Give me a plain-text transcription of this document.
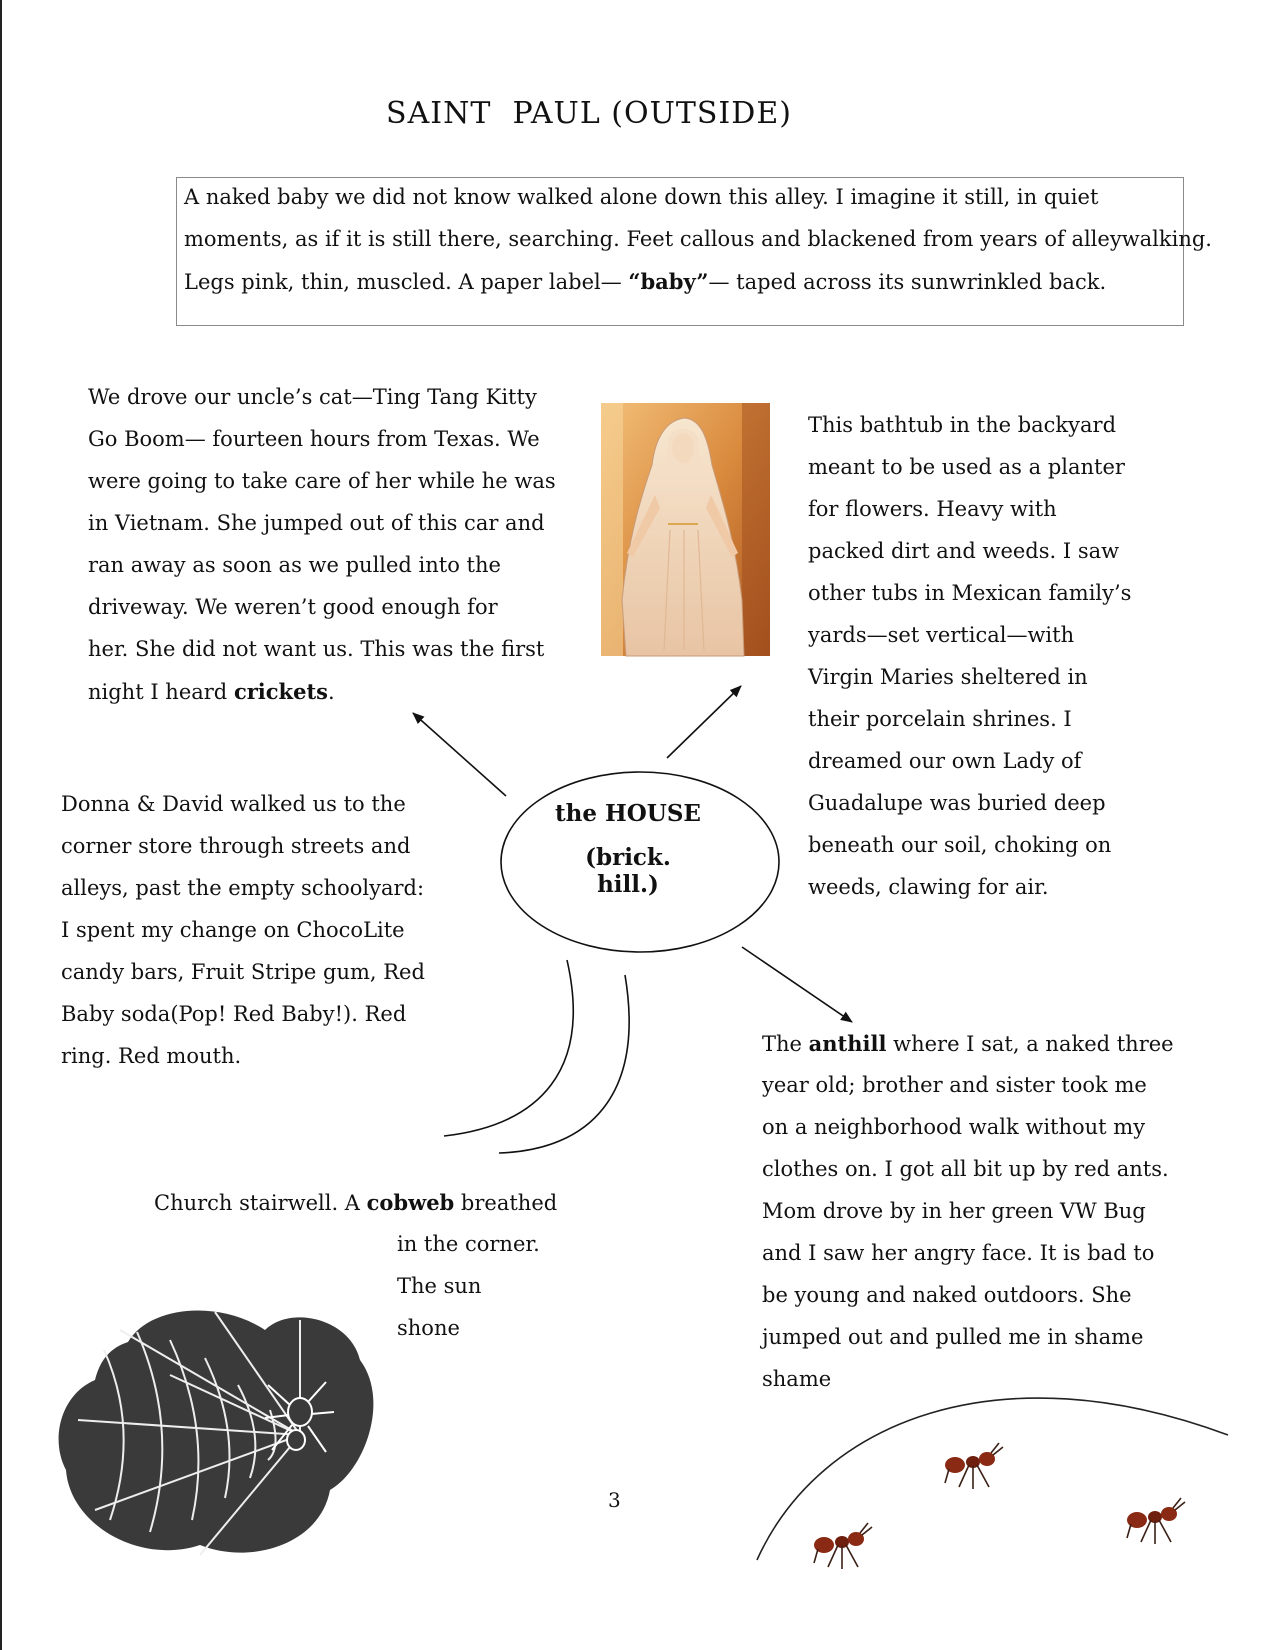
SAINT  PAUL (OUTSIDE)
A naked baby we did not know walked alone down this alley. I imagine it still, in quiet
moments, as if it is still there, searching. Feet callous and blackened from years of alleywalking.
Legs pink, thin, muscled. A paper label— “baby”— taped across its sunwrinkled back.
We drove our uncle’s cat—Ting Tang Kitty
Go Boom— fourteen hours from Texas. We
were going to take care of her while he was
in Vietnam. She jumped out of this car and
ran away as soon as we pulled into the
driveway. We weren’t good enough for
her. She did not want us. This was the first
night I heard crickets.
This bathtub in the backyard
meant to be used as a planter
for flowers. Heavy with
packed dirt and weeds. I saw
other tubs in Mexican family’s
yards—set vertical—with
Virgin Maries sheltered in
their porcelain shrines. I
dreamed our own Lady of
Guadalupe was buried deep
beneath our soil, choking on
weeds, clawing for air.
Donna & David walked us to the
corner store through streets and
alleys, past the empty schoolyard:
I spent my change on ChocoLite
candy bars, Fruit Stripe gum, Red
Baby soda(Pop! Red Baby!). Red
ring. Red mouth.	The anthill where I sat, a naked three
year old; brother and sister took me
on a neighborhood walk without my
clothes on. I got all bit up by red ants.
Mom drove by in her green VW Bug
and I saw her angry face. It is bad to
be young and naked outdoors. She
jumped out and pulled me in shame
shame
Church stairwell. A cobweb breathed
in the corner.
The sun
shone
the HOUSE
(brick. hill.)
3
